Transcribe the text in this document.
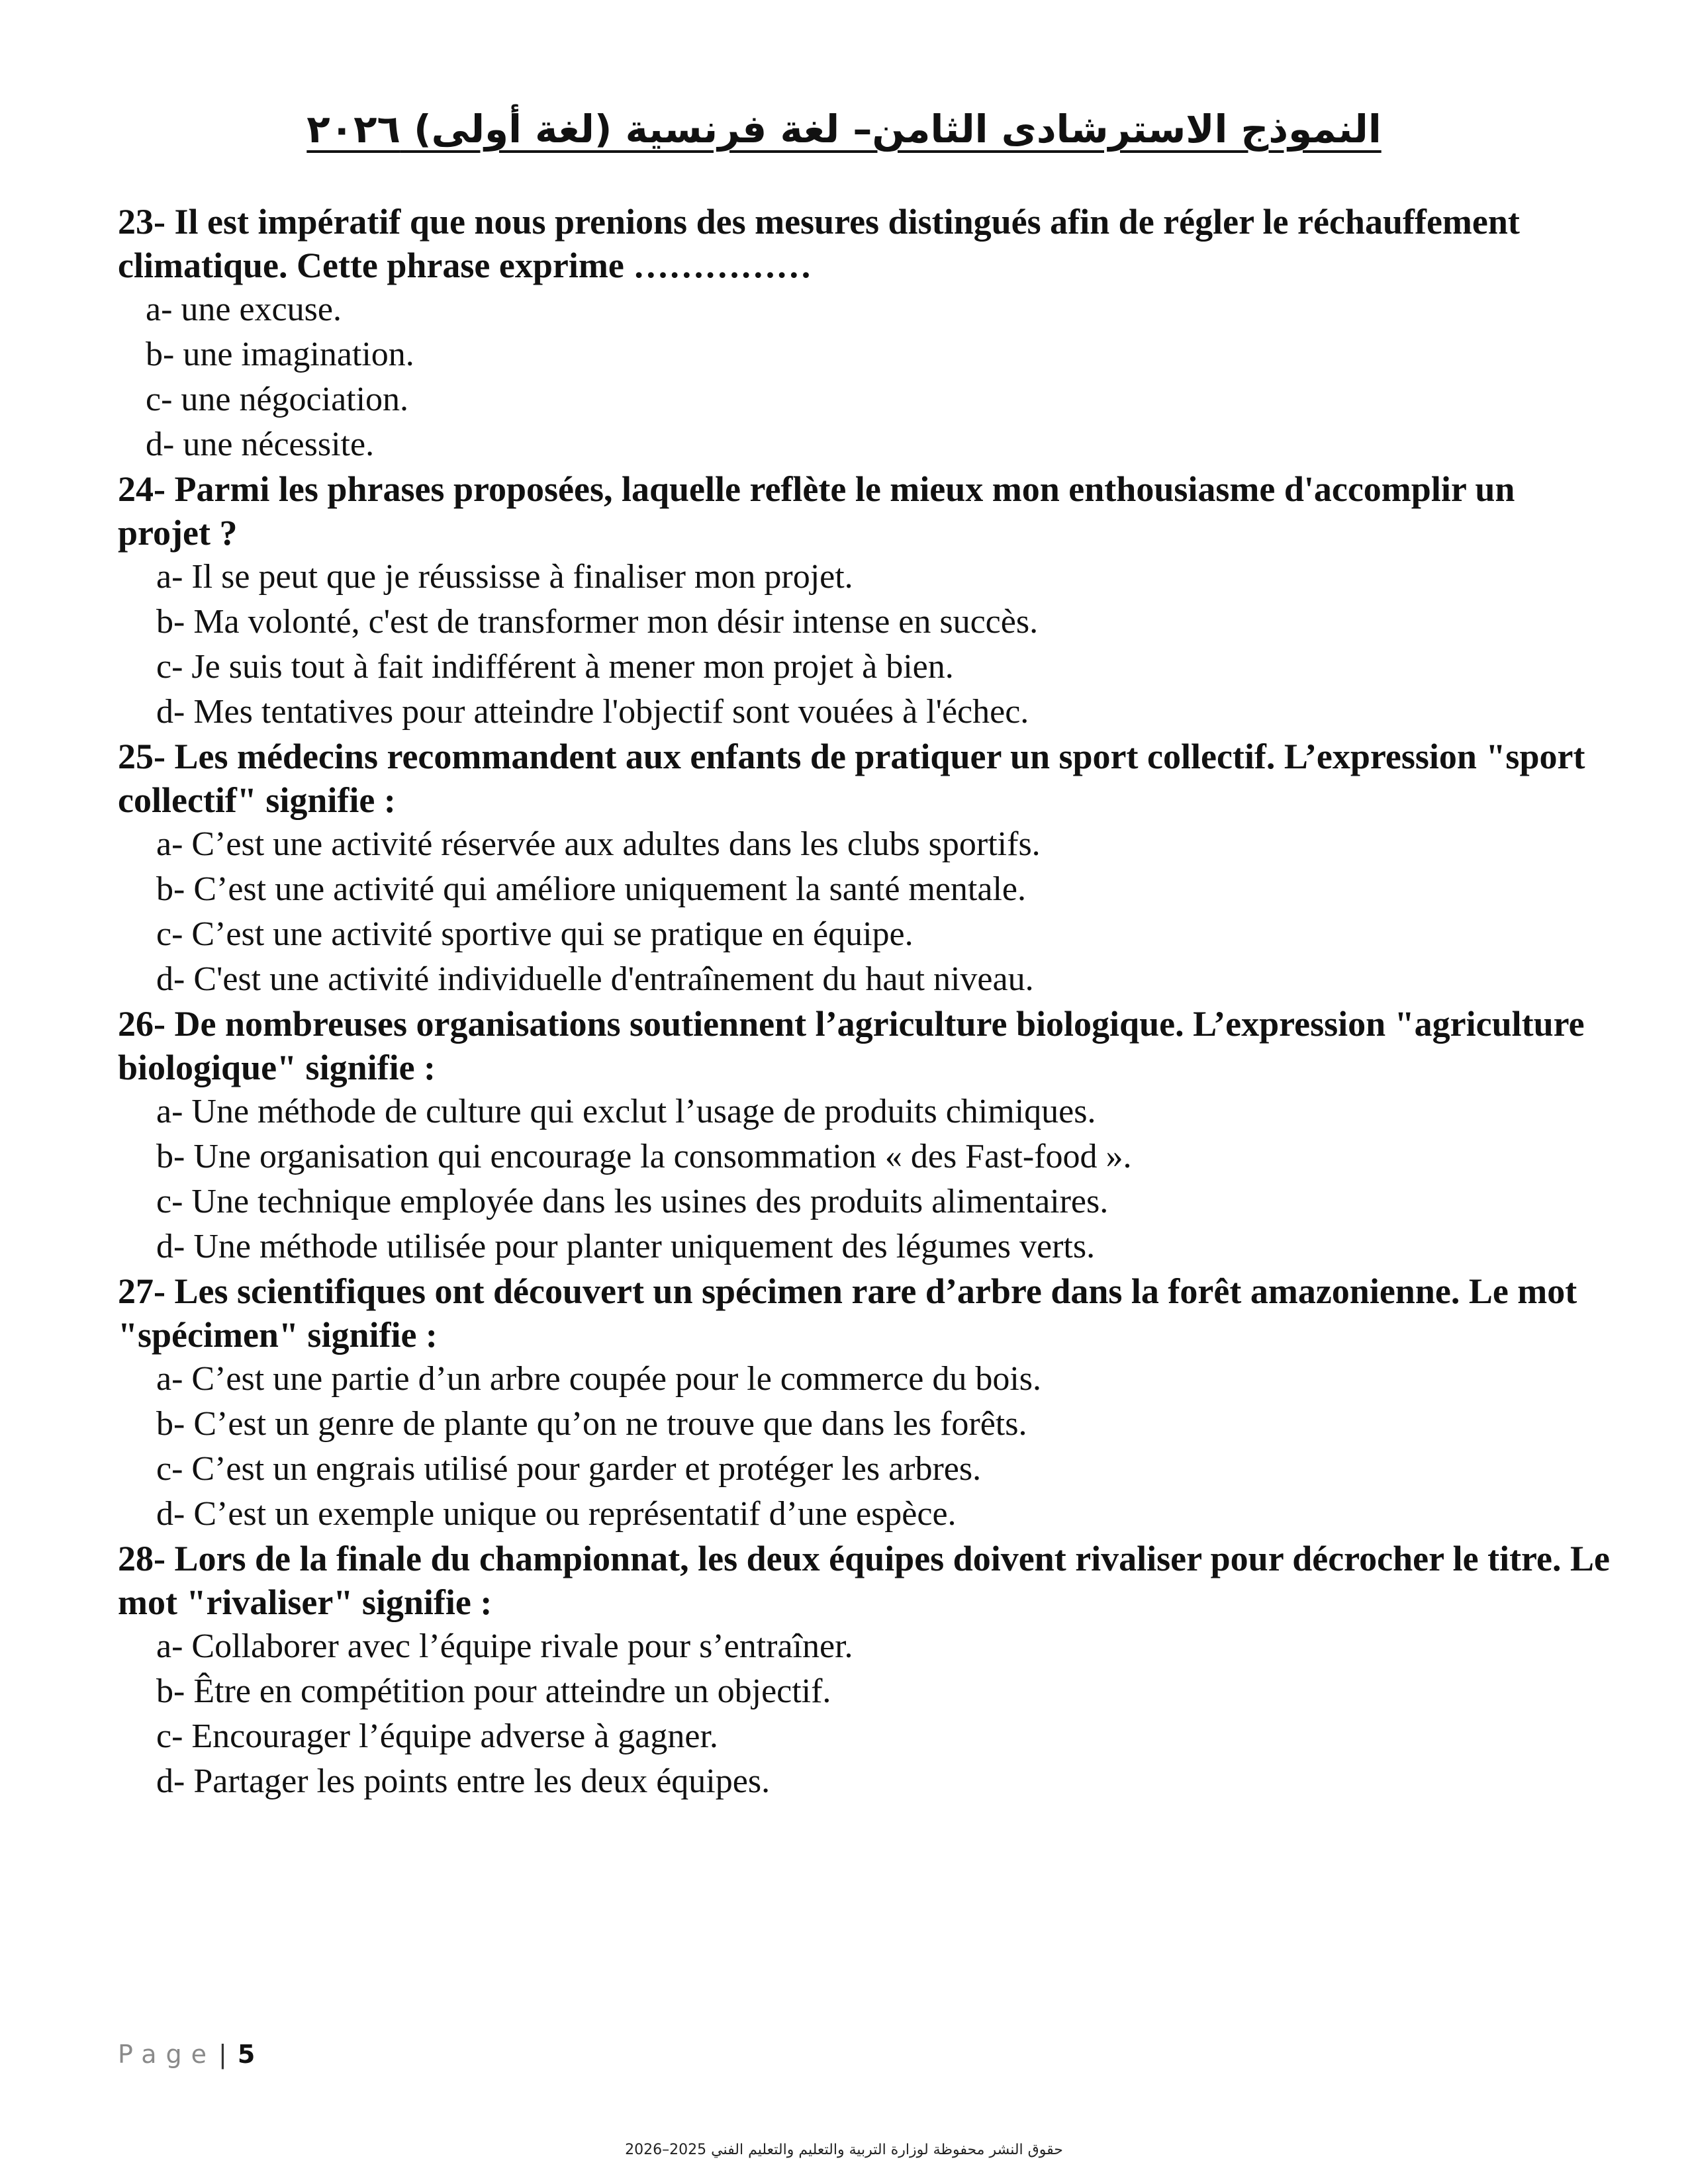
النموذج الاسترشادى الثامن– لغة فرنسية (لغة أولى) ٢٠٢٦

23- Il est impératif que nous prenions des mesures distingués afin de régler le réchauffement climatique. Cette phrase exprime ……………

a- une excuse.
b- une imagination.
c- une négociation.
d- une nécessite.

24- Parmi les phrases proposées, laquelle reflète le mieux mon enthousiasme d'accomplir un projet ?

a- Il se peut que je réussisse à finaliser mon projet.
b- Ma volonté, c'est de transformer mon désir intense en succès.
c- Je suis tout à fait indifférent à mener mon projet à bien.
d- Mes tentatives pour atteindre l'objectif sont vouées à l'échec.

25- Les médecins recommandent aux enfants de pratiquer un sport collectif. L’expression "sport collectif" signifie :

a- C’est une activité réservée aux adultes dans les clubs sportifs.
b- C’est une activité qui améliore uniquement la santé mentale.
c- C’est une activité sportive qui se pratique en équipe.
d- C'est une activité individuelle d'entraînement du haut niveau.

26- De nombreuses organisations soutiennent l’agriculture biologique. L’expression "agriculture biologique" signifie :

a- Une méthode de culture qui exclut l’usage de produits chimiques.
b- Une organisation qui encourage la consommation « des Fast-food ».
c- Une technique employée dans les usines des produits alimentaires.
d- Une méthode utilisée pour planter uniquement des légumes verts.

27- Les scientifiques ont découvert un spécimen rare d’arbre dans la forêt amazonienne. Le mot "spécimen" signifie :

a- C’est une partie d’un arbre coupée pour le commerce du bois.
b- C’est un genre de plante qu’on ne trouve que dans les forêts.
c- C’est un engrais utilisé pour garder et protéger les arbres.
d- C’est un exemple unique ou représentatif d’une espèce.

28- Lors de la finale du championnat, les deux équipes doivent rivaliser pour décrocher le titre. Le mot "rivaliser" signifie :

a- Collaborer avec l’équipe rivale pour s’entraîner.
b- Être en compétition pour atteindre un objectif.
c- Encourager l’équipe adverse à gagner.
d- Partager les points entre les deux équipes.
Page | 5
حقوق النشر محفوظة لوزارة التربية والتعليم والتعليم الفني 2025–2026
